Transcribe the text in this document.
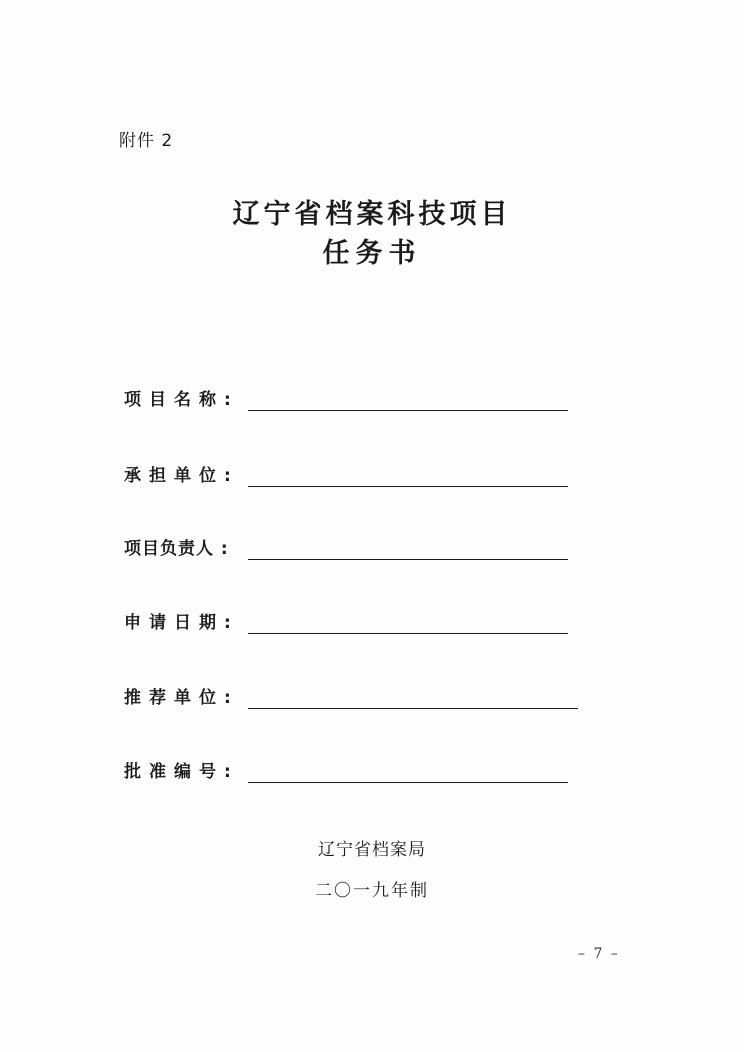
附件 2
辽宁省档案科技项目
任务书
项目名称:
承担单位:
项目负责人 :
申请日期:
推荐单位:
批准编号:
辽宁省档案局
二〇一九年制
– 7 –
